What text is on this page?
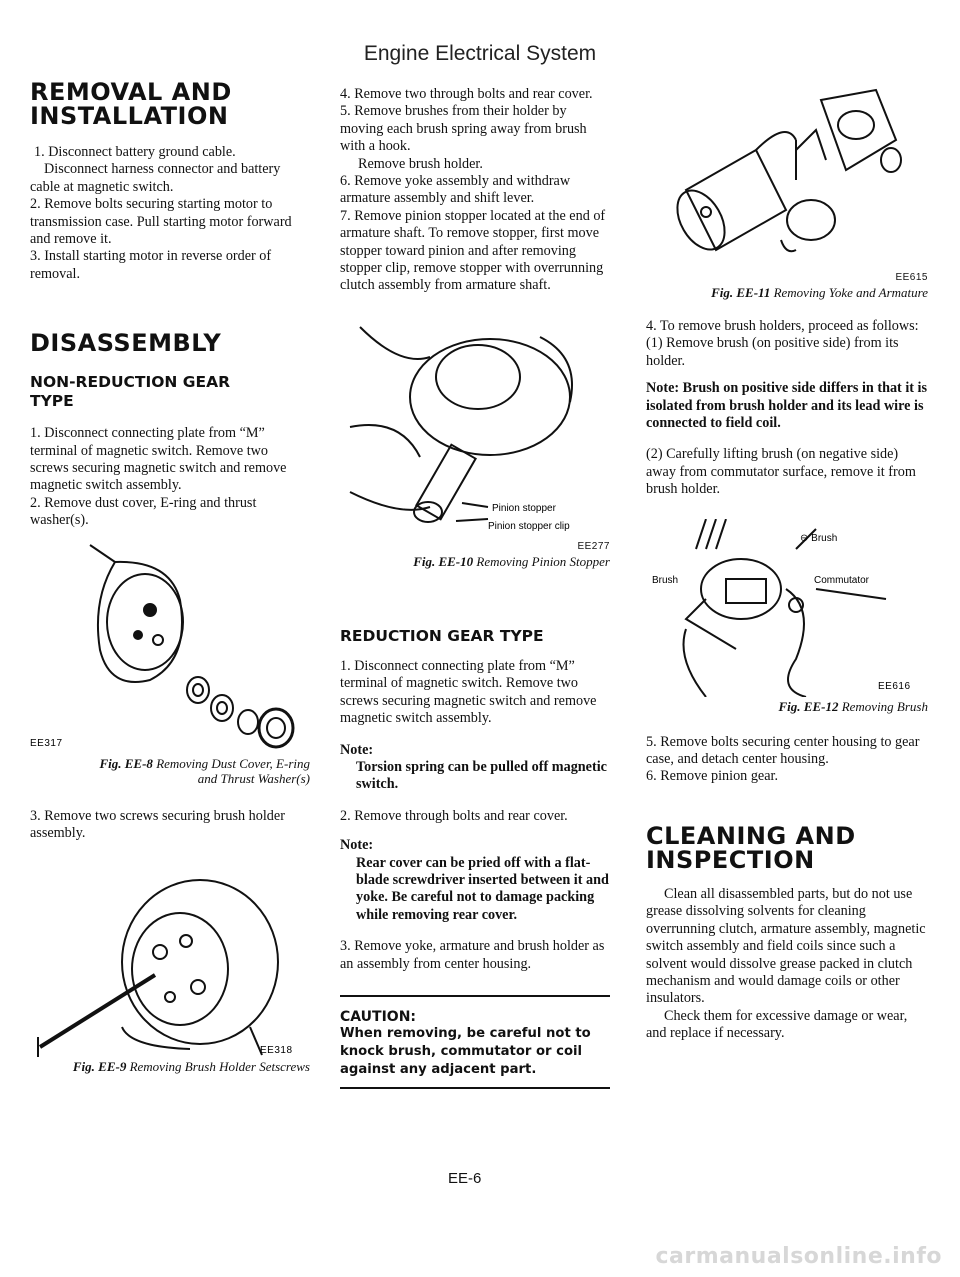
Engine Electrical System
REMOVAL AND
INSTALLATION

1. Disconnect battery ground cable.

Disconnect harness connector and battery cable at magnetic switch.

2. Remove bolts securing starting motor to transmission case. Pull starting motor forward and remove it.

3. Install starting motor in reverse order of removal.

DISASSEMBLY
NON-REDUCTION GEAR
TYPE

1. Disconnect connecting plate from “M” terminal of magnetic switch. Remove two screws securing magnetic switch and remove magnetic switch assembly.

2. Remove dust cover, E-ring and thrust washer(s).

EE317
Fig. EE-8 Removing Dust Cover, E-ring and Thrust Washer(s)

3. Remove two screws securing brush holder assembly.

EE318
Fig. EE-9 Removing Brush Holder Setscrews

4. Remove two through bolts and rear cover.

5. Remove brushes from their holder by moving each brush spring away from brush with a hook.

Remove brush holder.

6. Remove yoke assembly and withdraw armature assembly and shift lever.

7. Remove pinion stopper located at the end of armature shaft. To remove stopper, first move stopper toward pinion and after removing stopper clip, remove stopper with overrunning clutch assembly from armature shaft.

Pinion stopper
Pinion stopper clip
EE277
Fig. EE-10 Removing Pinion Stopper
REDUCTION GEAR TYPE

1. Disconnect connecting plate from “M” terminal of magnetic switch. Remove two screws securing magnetic switch and remove magnetic switch assembly.

Note:
Torsion spring can be pulled off magnetic switch.

2. Remove through bolts and rear cover.

Note:
Rear cover can be pried off with a flat-blade screwdriver inserted between it and yoke. Be careful not to damage packing while removing rear cover.

3. Remove yoke, armature and brush holder as an assembly from center housing.

CAUTION:
When removing, be careful not to knock brush, commutator or coil against any adjacent part.
EE615
Fig. EE-11 Removing Yoke and Armature

4. To remove brush holders, proceed as follows:

(1) Remove brush (on positive side) from its holder.

Note: Brush on positive side differs in that it is isolated from brush holder and its lead wire is connected to field coil.

(2) Carefully lifting brush (on negative side) away from commutator surface, remove it from brush holder.

⊖ Brush
Brush	Commutator
EE616
Fig. EE-12 Removing Brush

5. Remove bolts securing center housing to gear case, and detach center housing.

6. Remove pinion gear.

CLEANING AND
INSPECTION

Clean all disassembled parts, but do not use grease dissolving solvents for cleaning overrunning clutch, armature assembly, magnetic switch assembly and field coils since such a solvent would dissolve grease packed in clutch mechanism and would damage coils or other insulators.

Check them for excessive damage or wear, and replace if necessary.

EE-6
carmanualsonline.info
